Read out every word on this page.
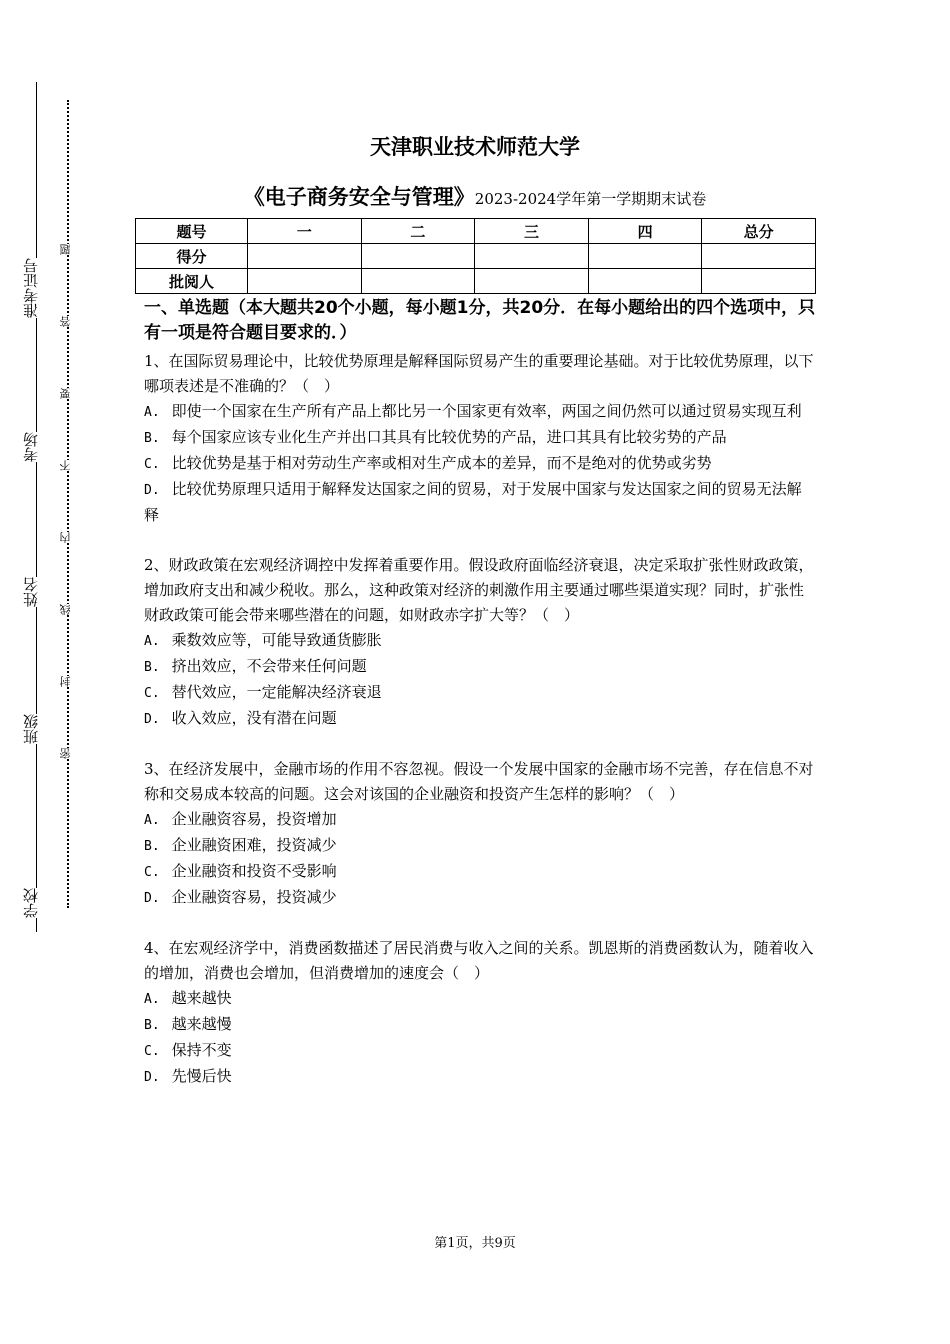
准考证号
考场
姓名
班级
学校
题
答
要
不
内
线
封
密
天津职业技术师范大学
《电子商务安全与管理》2023-2024学年第一学期期末试卷
题号	一	二	三	四	总分
得分					
批阅人					

一、单选题（本大题共20个小题，每小题1分，共20分．在每小题给出的四个选项中，只有一项是符合题目要求的．）

1、在国际贸易理论中，比较优势原理是解释国际贸易产生的重要理论基础。对于比较优势原理，以下哪项表述是不准确的？（　）

A. 即使一个国家在生产所有产品上都比另一个国家更有效率，两国之间仍然可以通过贸易实现互利

B. 每个国家应该专业化生产并出口其具有比较优势的产品，进口其具有比较劣势的产品

C. 比较优势是基于相对劳动生产率或相对生产成本的差异，而不是绝对的优势或劣势

D. 比较优势原理只适用于解释发达国家之间的贸易，对于发展中国家与发达国家之间的贸易无法解释

2、财政政策在宏观经济调控中发挥着重要作用。假设政府面临经济衰退，决定采取扩张性财政政策，增加政府支出和减少税收。那么，这种政策对经济的刺激作用主要通过哪些渠道实现？同时，扩张性财政政策可能会带来哪些潜在的问题，如财政赤字扩大等？（　）

A. 乘数效应等，可能导致通货膨胀

B. 挤出效应，不会带来任何问题

C. 替代效应，一定能解决经济衰退

D. 收入效应，没有潜在问题

3、在经济发展中，金融市场的作用不容忽视。假设一个发展中国家的金融市场不完善，存在信息不对称和交易成本较高的问题。这会对该国的企业融资和投资产生怎样的影响？（　）

A. 企业融资容易，投资增加

B. 企业融资困难，投资减少

C. 企业融资和投资不受影响

D. 企业融资容易，投资减少

4、在宏观经济学中，消费函数描述了居民消费与收入之间的关系。凯恩斯的消费函数认为，随着收入的增加，消费也会增加，但消费增加的速度会（　）

A. 越来越快

B. 越来越慢

C. 保持不变

D. 先慢后快

第1页，共9页
